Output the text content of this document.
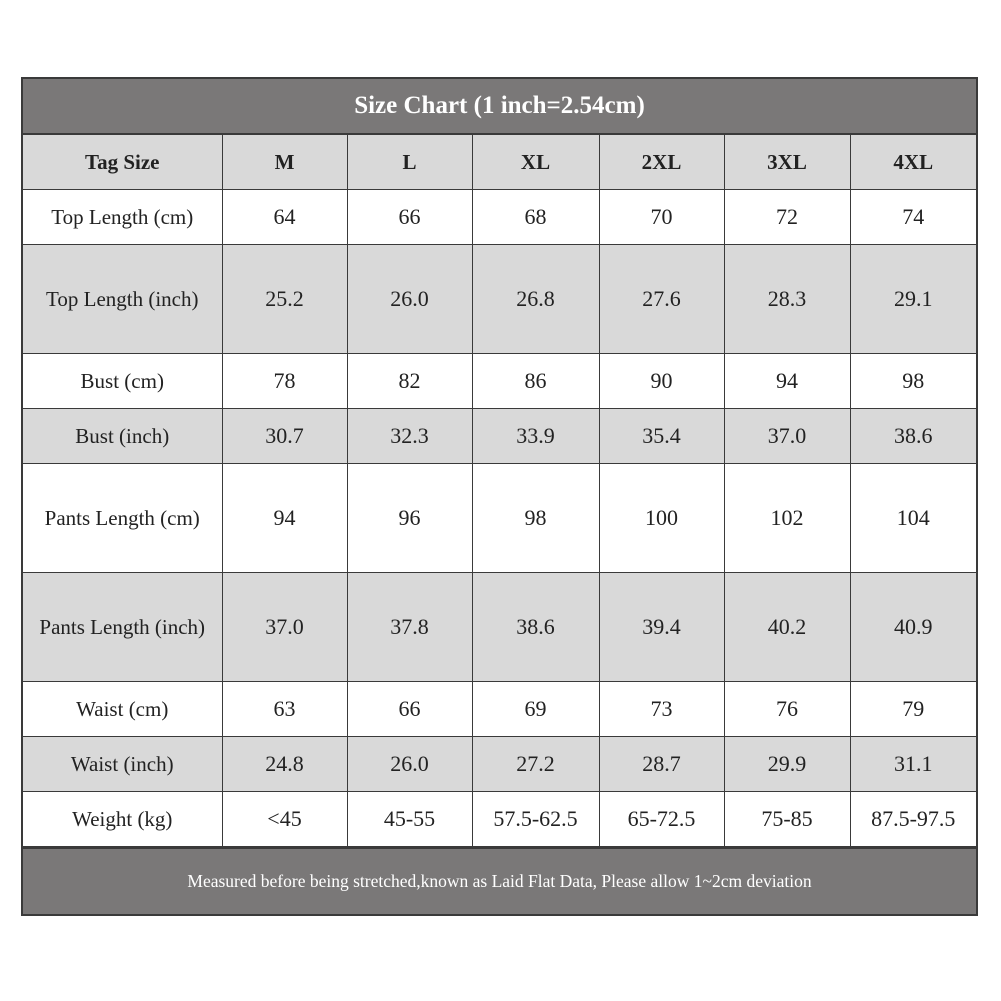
Size Chart (1 inch=2.54cm)
Tag Size	M	L	XL	2XL	3XL	4XL
Top Length (cm)	64	66	68	70	72	74
Top Length (inch)	25.2	26.0	26.8	27.6	28.3	29.1
Bust (cm)	78	82	86	90	94	98
Bust (inch)	30.7	32.3	33.9	35.4	37.0	38.6
Pants Length (cm)	94	96	98	100	102	104
Pants Length (inch)	37.0	37.8	38.6	39.4	40.2	40.9
Waist (cm)	63	66	69	73	76	79
Waist (inch)	24.8	26.0	27.2	28.7	29.9	31.1
Weight (kg)	<45	45-55	57.5-62.5	65-72.5	75-85	87.5-97.5
Measured before being stretched,known as Laid Flat Data, Please allow 1~2cm deviation
